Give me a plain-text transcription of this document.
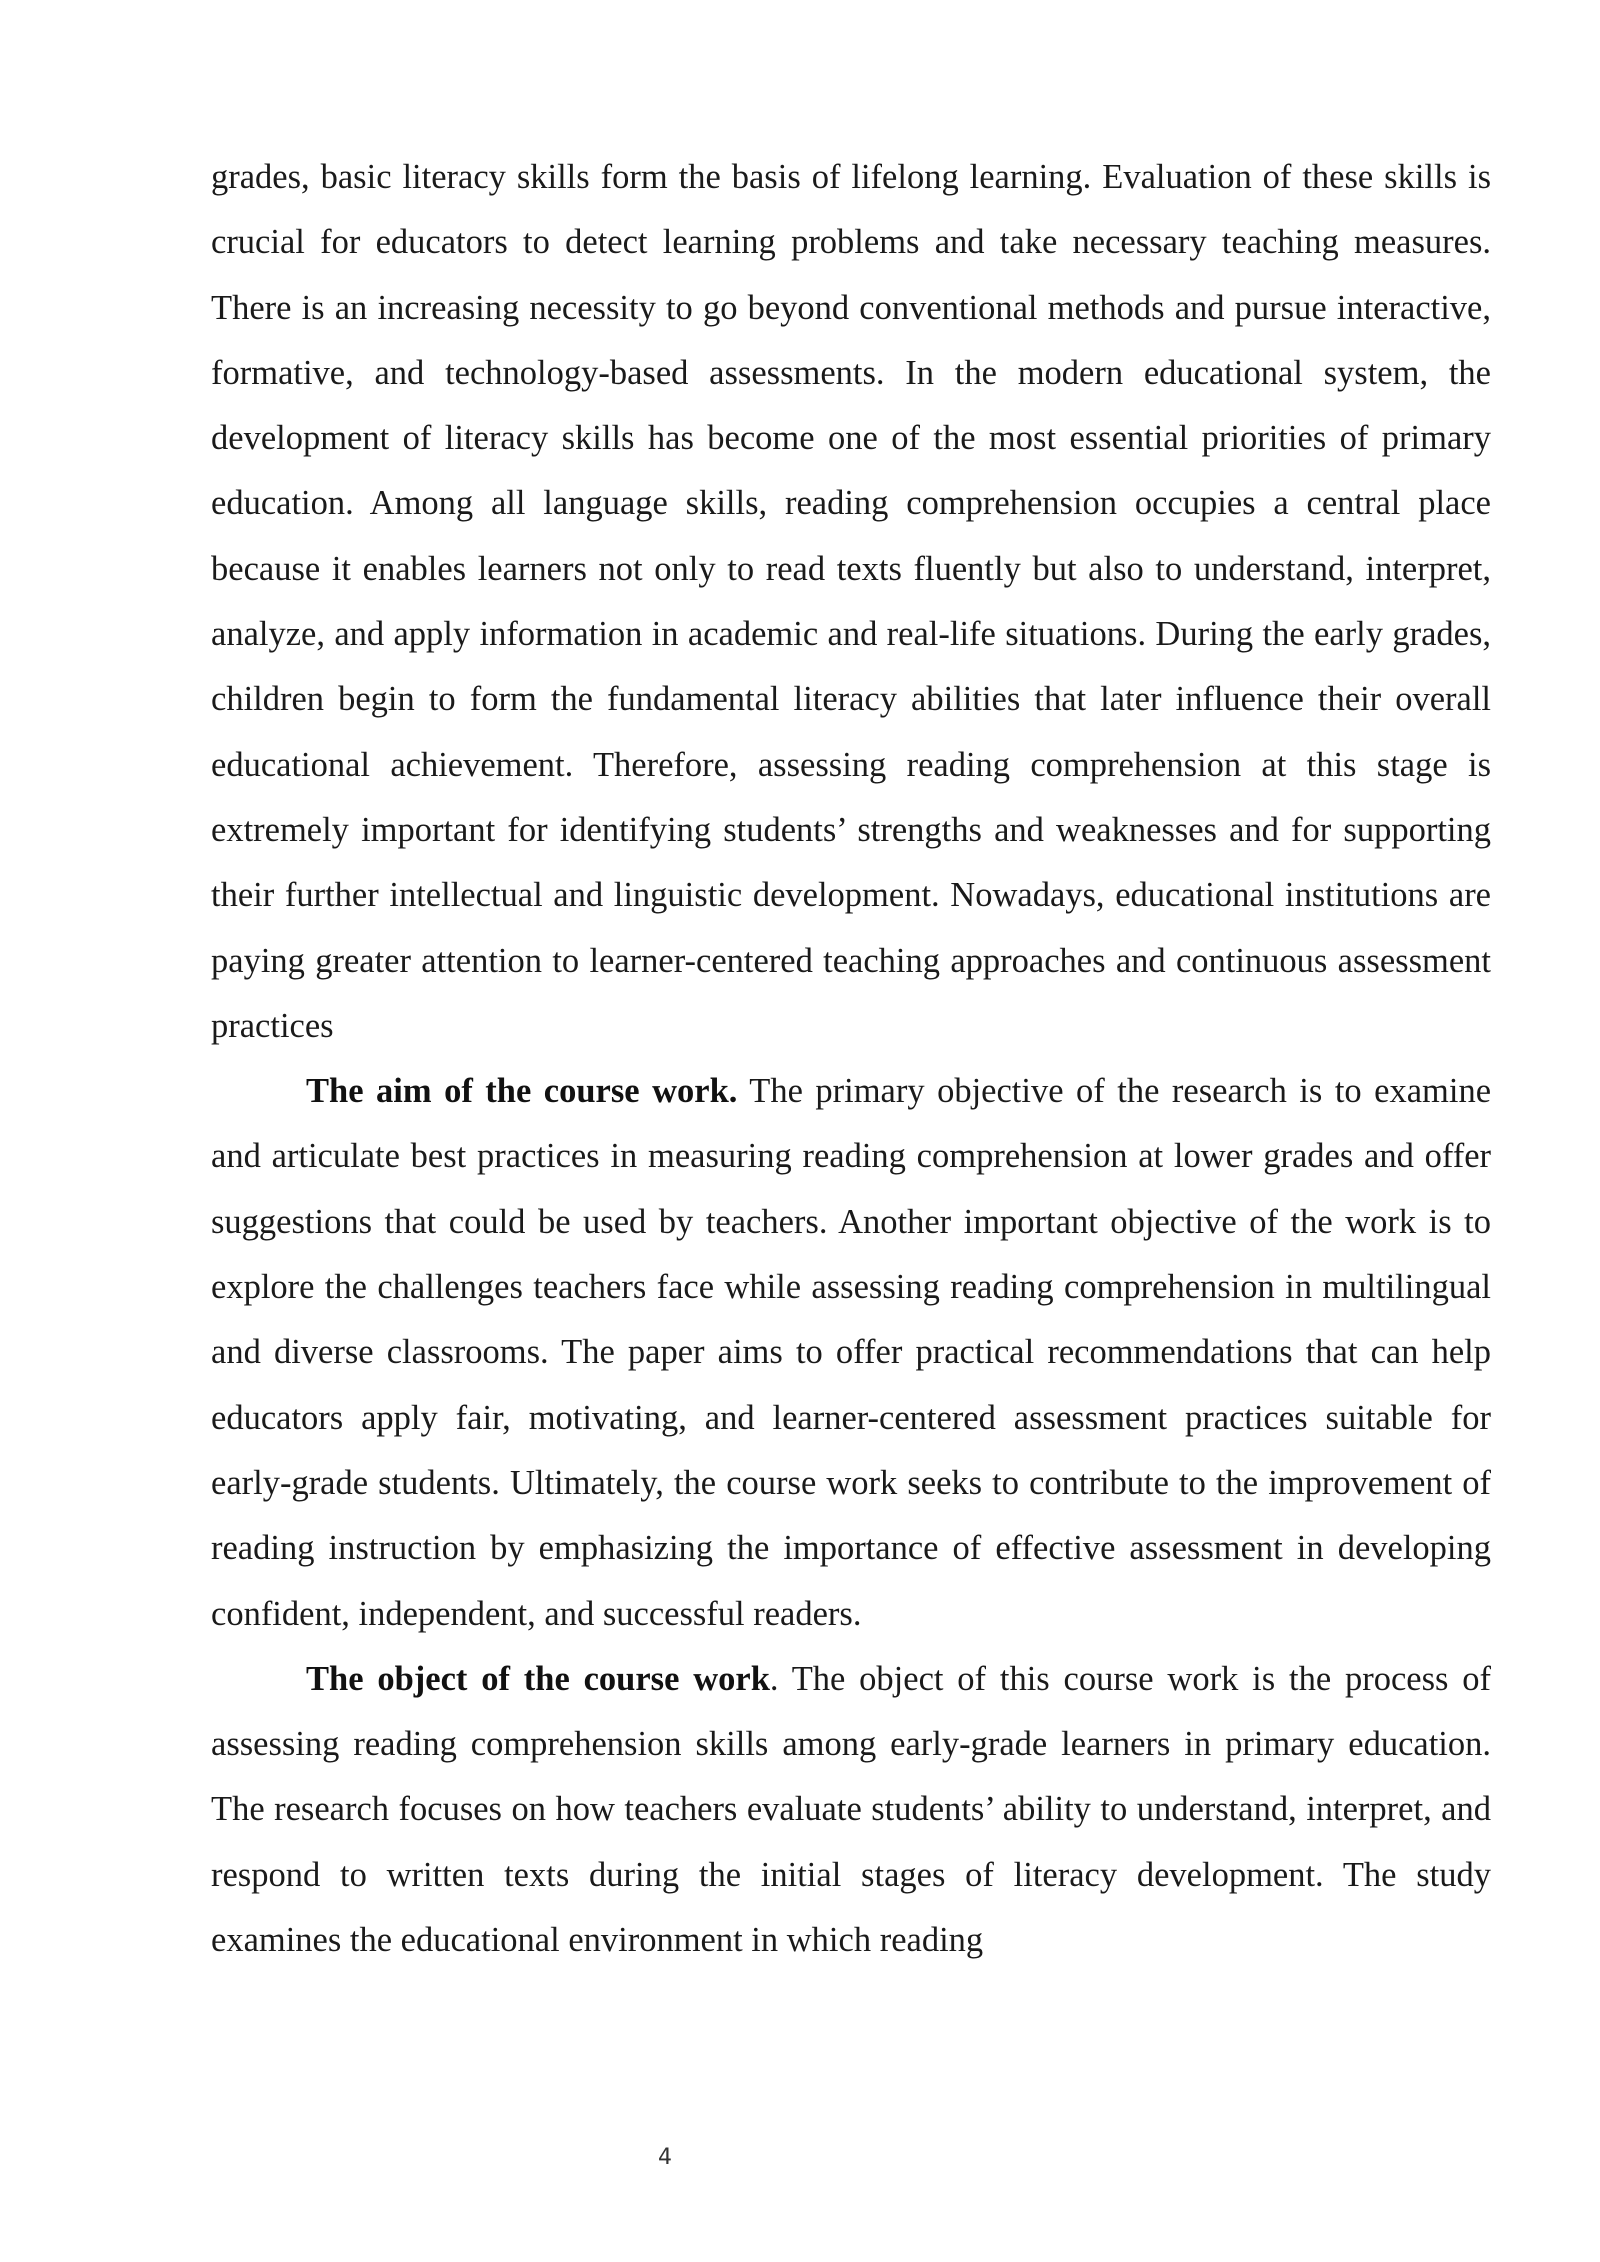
grades, basic literacy skills form the basis of lifelong learning. Evaluation of these skills is crucial for educators to detect learning problems and take necessary teaching measures. There is an increasing necessity to go beyond conventional methods and pursue interactive, formative, and technology-based assessments. In the modern educational system, the development of literacy skills has become one of the most essential priorities of primary education. Among all language skills, reading comprehension occupies a central place because it enables learners not only to read texts fluently but also to understand, interpret, analyze, and apply information in academic and real-life situations. During the early grades, children begin to form the fundamental literacy abilities that later influence their overall educational achievement. Therefore, assessing reading comprehension at this stage is extremely important for identifying students’ strengths and weaknesses and for supporting their further intellectual and linguistic development. Nowadays, educational institutions are paying greater attention to learner-centered teaching approaches and continuous assessment practices

The aim of the course work. The primary objective of the research is to examine and articulate best practices in measuring reading comprehension at lower grades and offer suggestions that could be used by teachers. Another important objective of the work is to explore the challenges teachers face while assessing reading comprehension in multilingual and diverse classrooms. The paper aims to offer practical recommendations that can help educators apply fair, motivating, and learner-centered assessment practices suitable for early-grade students. Ultimately, the course work seeks to contribute to the improvement of reading instruction by emphasizing the importance of effective assessment in developing confident, independent, and successful readers.

The object of the course work. The object of this course work is the process of assessing reading comprehension skills among early-grade learners in primary education. The research focuses on how teachers evaluate students’ ability to understand, interpret, and respond to written texts during the initial stages of literacy development. The study examines the educational environment in which reading

4
